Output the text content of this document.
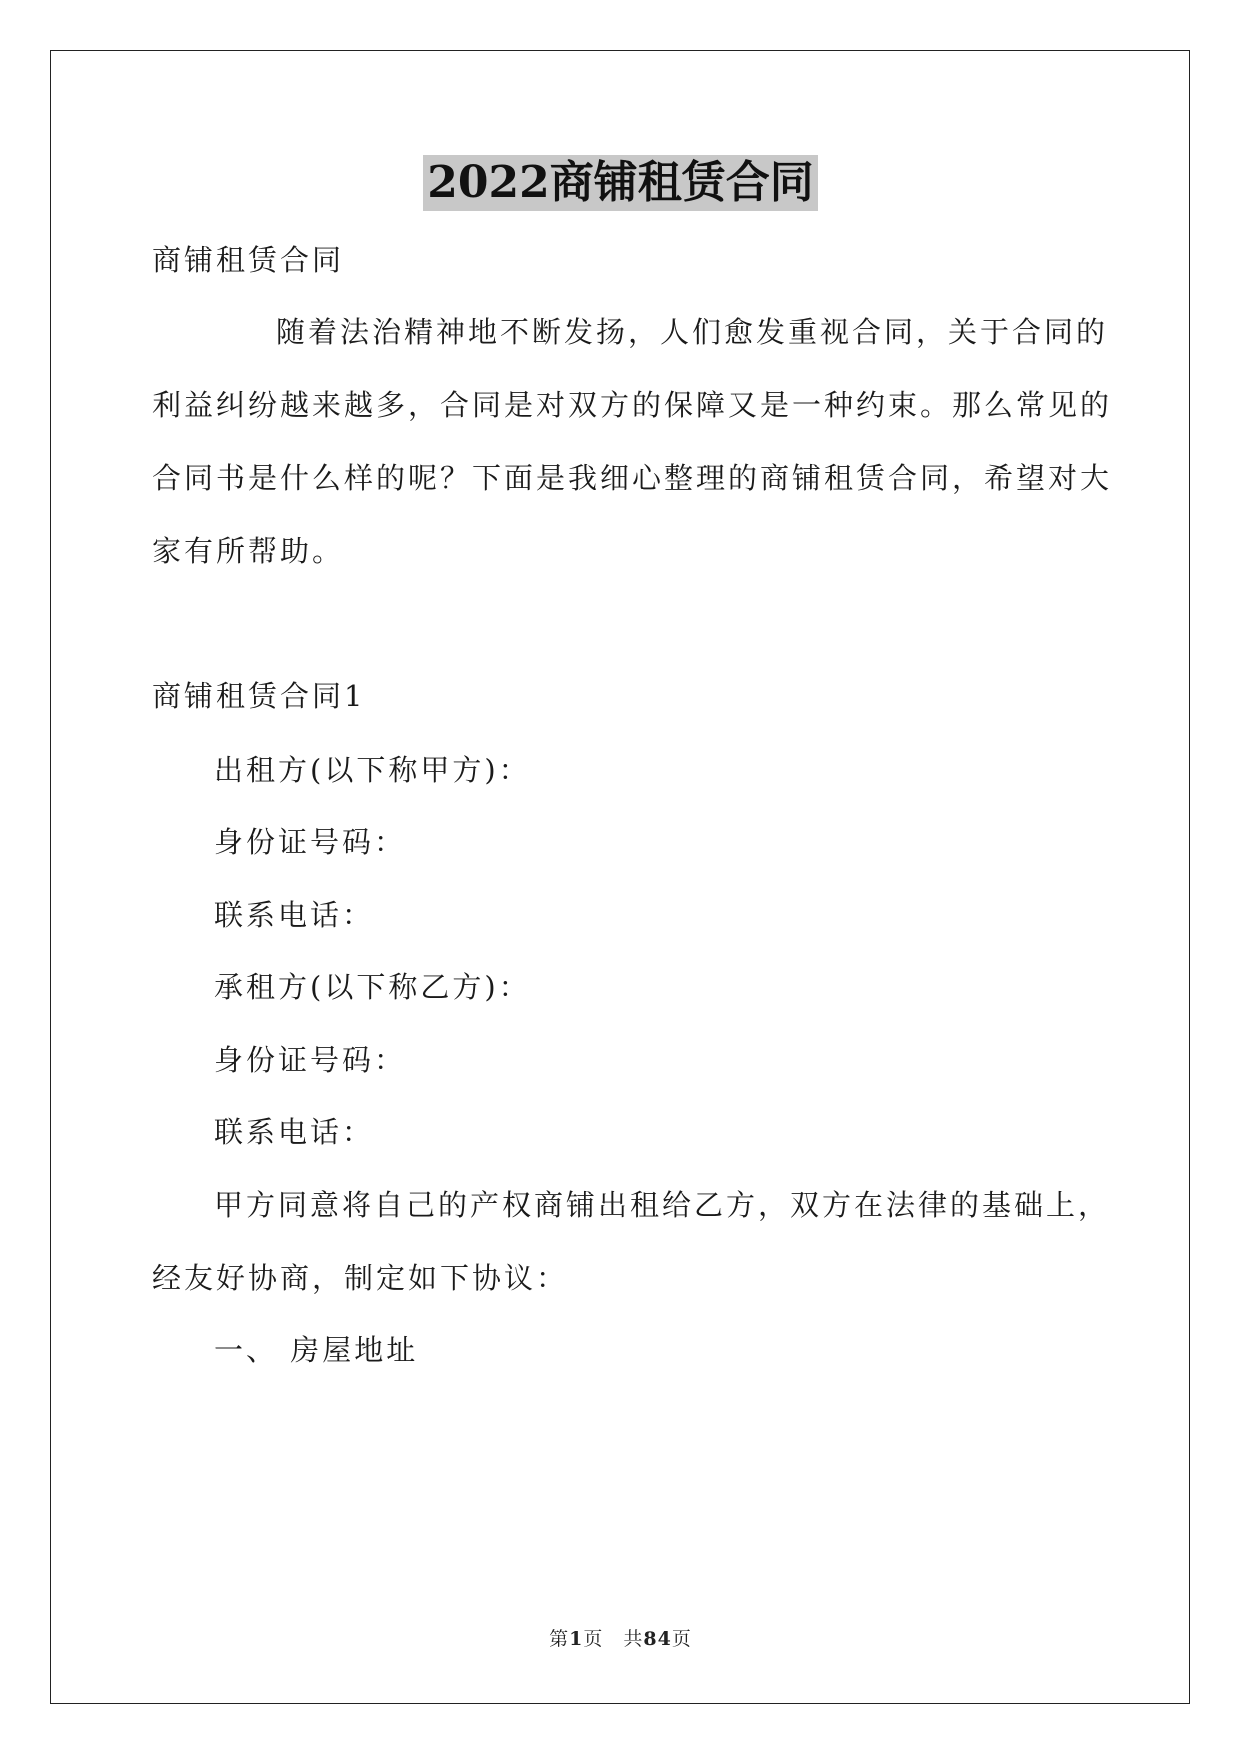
2022商铺租赁合同
商铺租赁合同
随着法治精神地不断发扬，人们愈发重视合同，关于合同的
利益纠纷越来越多，合同是对双方的保障又是一种约束。那么常见的
合同书是什么样的呢？下面是我细心整理的商铺租赁合同，希望对大
家有所帮助。
商铺租赁合同1
出租方(以下称甲方)：
身份证号码：
联系电话：
承租方(以下称乙方)：
身份证号码：
联系电话：
甲方同意将自己的产权商铺出租给乙方，双方在法律的基础上，
经友好协商，制定如下协议：
一、 房屋地址
第1页 共84页
